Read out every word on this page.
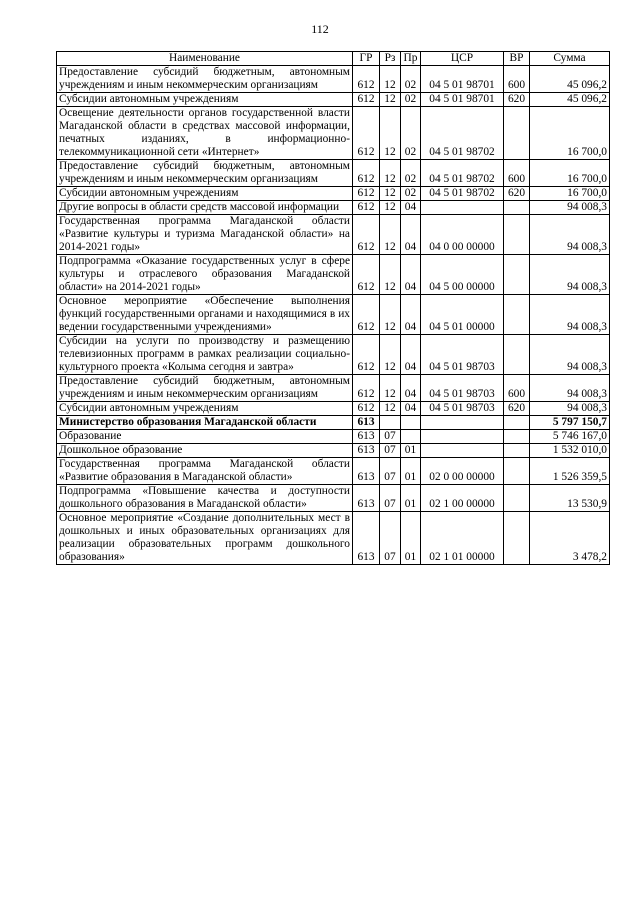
112
Наименование	ГР	Рз	Пр	ЦСР	ВР	Сумма
Предоставление субсидий бюджетным, автономным учреждениям и иным некоммерческим организациям	612	12	02	04 5 01 98701	600	45 096,2
Субсидии автономным учреждениям	612	12	02	04 5 01 98701	620	45 096,2
Освещение деятельности органов государственной власти Магаданской области в средствах массовой информации, печатных изданиях, в информационно-телекоммуникационной сети «Интернет»	612	12	02	04 5 01 98702		16 700,0
Предоставление субсидий бюджетным, автономным учреждениям и иным некоммерческим организациям	612	12	02	04 5 01 98702	600	16 700,0
Субсидии автономным учреждениям	612	12	02	04 5 01 98702	620	16 700,0
Другие вопросы в области средств массовой информации	612	12	04			94 008,3
Государственная программа Магаданской области «Развитие культуры и туризма Магаданской области» на 2014-2021 годы»	612	12	04	04 0 00 00000		94 008,3
Подпрограмма «Оказание государственных услуг в сфере культуры и отраслевого образования Магаданской области» на 2014-2021 годы»	612	12	04	04 5 00 00000		94 008,3
Основное мероприятие «Обеспечение выполнения функций государственными органами и находящимися в их ведении государственными учреждениями»	612	12	04	04 5 01 00000		94 008,3
Субсидии на услуги по производству и размещению телевизионных программ в рамках реализации социально-культурного проекта «Колыма сегодня и завтра»	612	12	04	04 5 01 98703		94 008,3
Предоставление субсидий бюджетным, автономным учреждениям и иным некоммерческим организациям	612	12	04	04 5 01 98703	600	94 008,3
Субсидии автономным учреждениям	612	12	04	04 5 01 98703	620	94 008,3
Министерство образования Магаданской области	613					5 797 150,7
Образование	613	07				5 746 167,0
Дошкольное образование	613	07	01			1 532 010,0
Государственная программа Магаданской области «Развитие образования в Магаданской области»	613	07	01	02 0 00 00000		1 526 359,5
Подпрограмма «Повышение качества и доступности дошкольного образования в Магаданской области»	613	07	01	02 1 00 00000		13 530,9
Основное мероприятие «Создание дополнительных мест в дошкольных и иных образовательных организациях для реализации образовательных программ дошкольного образования»	613	07	01	02 1 01 00000		3 478,2
